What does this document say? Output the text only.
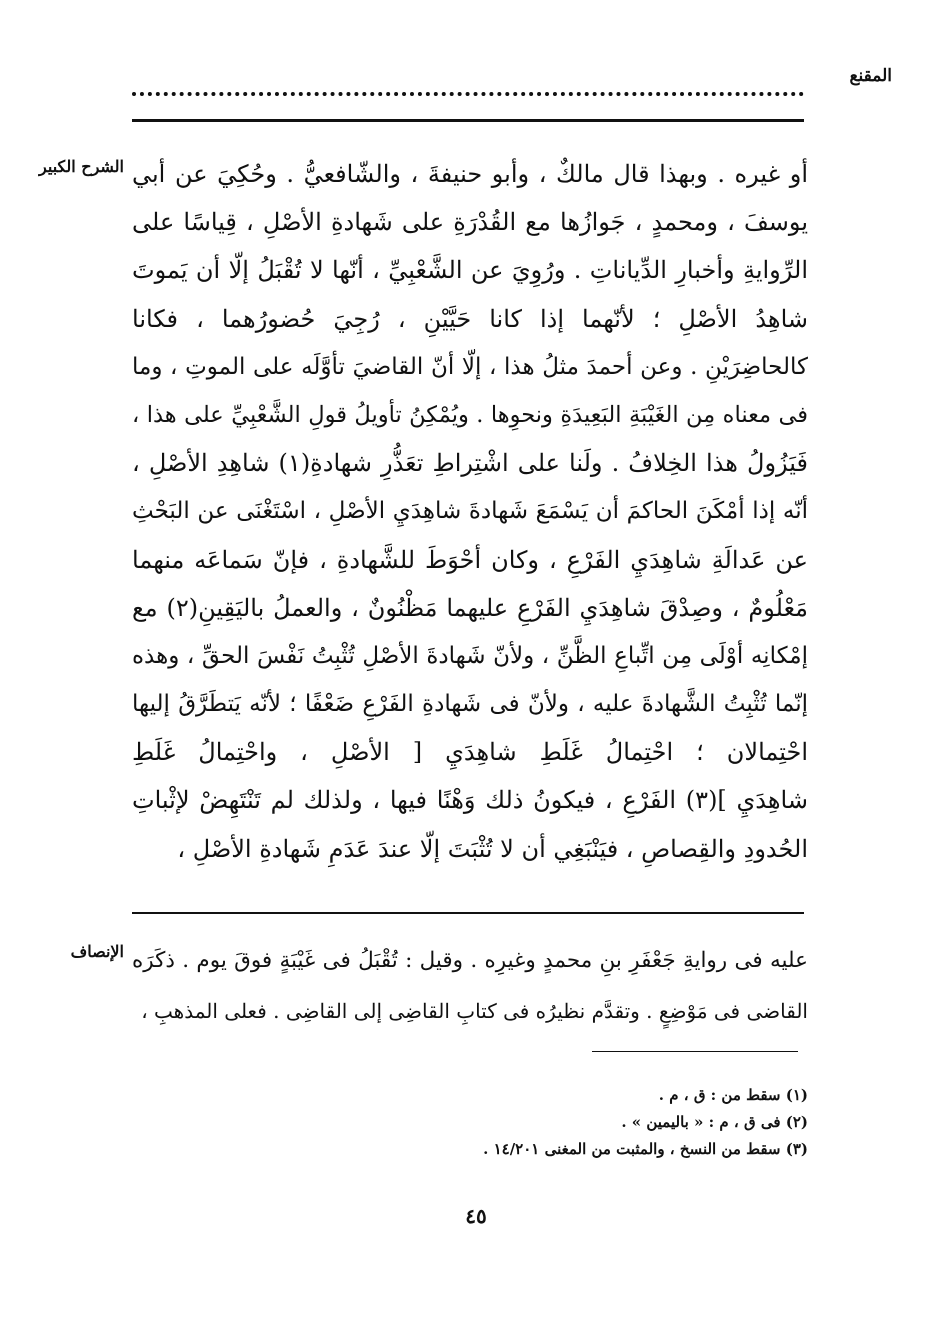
المقنع
الشرح الكبير أو غيره . وبهذا قال مالكٌ ، وأبو حنيفةَ ، والشّافعيُّ . وحُكِيَ عن أبي
يوسفَ ، ومحمدٍ ، جَوازُها مع القُدْرَةِ على شَهادةِ الأصْلِ ، قِياسًا على
الرِّوايةِ وأخبارِ الدِّياناتِ . ورُوِيَ عن الشَّعْبِيِّ ، أنّها لا تُقْبَلُ إلّا أن يَموتَ
شاهِدُ الأصْلِ ؛ لأنّهما إذا كانا حَيَّيْنِ ، رُجِيَ حُضورُهما ، فكانا
كالحاضِرَيْنِ . وعن أحمدَ مثلُ هذا ، إلّا أنّ القاضيَ تأوَّلَه على الموتِ ، وما
فى معناه مِن الغَيْبَةِ البَعِيدَةِ ونحوِها . ويُمْكِنُ تأويلُ قولِ الشَّعْبِيِّ على هذا ،
فَيَزُولُ هذا الخِلافُ . ولَنا على اشْتِراطِ تعَذُّرِ شهادةِ(١) شاهِدِ الأصْلِ ،
أنّه إذا أمْكَنَ الحاكمَ أن يَسْمَعَ شَهادةَ شاهِدَيِ الأصْلِ ، اسْتَغْنَى عن البَحْثِ
عن عَدالَةِ شاهِدَيِ الفَرْعِ ، وكان أحْوَطَ للشَّهادةِ ، فإنّ سَماعَه منهما
مَعْلُومٌ ، وصِدْقَ شاهِدَيِ الفَرْعِ عليهما مَظْنُونٌ ، والعملُ باليَقِينِ(٢) مع
إمْكانِه أوْلَى مِن اتِّباعِ الظَّنِّ ، ولأنّ شَهادةَ الأصْلِ تُثْبِتُ نَفْسَ الحقِّ ، وهذه
إنّما تُثْبِتُ الشَّهادةَ عليه ، ولأنّ فى شَهادةِ الفَرْعِ ضَعْفًا ؛ لأنّه يَتطَرَّقُ إليها
احْتِمالان ؛ احْتِمالُ غَلَطِ شاهِدَيِ [ الأصْلِ ، واحْتِمالُ غَلَطِ
شاهِدَيِ ](٣) الفَرْعِ ، فيكونُ ذلك وَهْنًا فيها ، ولذلك لم تَنْتَهِضْ لإثْباتِ
الحُدودِ والقِصاصِ ، فيَنْبَغِي أن لا تُثْبَتَ إلّا عندَ عَدَمِ شَهادةِ الأصْلِ ،
الإنصاف عليه فى روايةِ جَعْفَرِ بنِ محمدٍ وغيرِه . وقيل : تُقْبَلُ فى غَيْبَةٍ فوقَ يوم . ذكَرَه
القاضى فى مَوْضِعٍ . وتقدَّم نظيرُه فى كتابِ القاضِى إلى القاضِى . فعلى المذهبِ ،
(١) سقط من : ق ، م .
(٢) فى ق ، م : « باليمين » .
(٣) سقط من النسخ ، والمثبت من المغنى ١٤/٢٠١ .
٤٥
